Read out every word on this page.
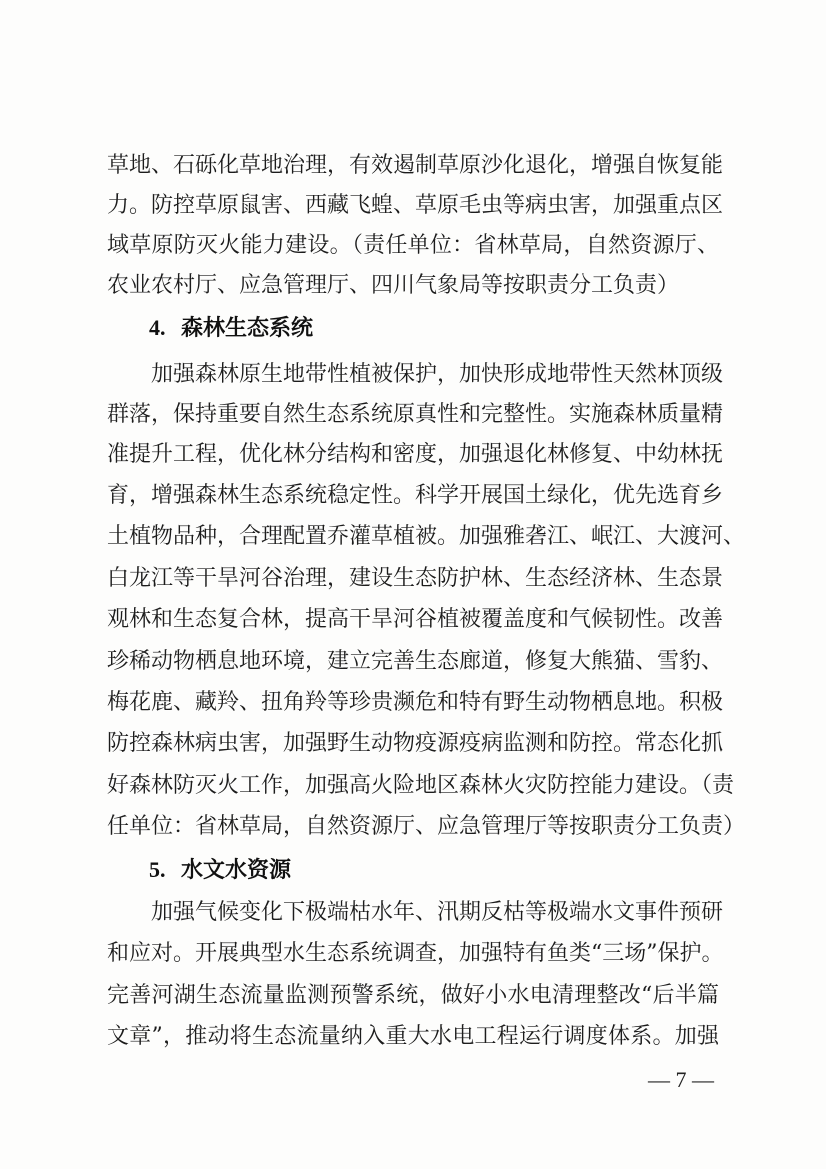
草地、石砾化草地治理，有效遏制草原沙化退化，增强自恢复能
力。防控草原鼠害、西藏飞蝗、草原毛虫等病虫害，加强重点区
域草原防灭火能力建设。（责任单位：省林草局，自然资源厅、
农业农村厅、应急管理厅、四川气象局等按职责分工负责）
4. 森林生态系统
加强森林原生地带性植被保护，加快形成地带性天然林顶级
群落，保持重要自然生态系统原真性和完整性。实施森林质量精
准提升工程，优化林分结构和密度，加强退化林修复、中幼林抚
育，增强森林生态系统稳定性。科学开展国土绿化，优先选育乡
土植物品种，合理配置乔灌草植被。加强雅砻江、岷江、大渡河、
白龙江等干旱河谷治理，建设生态防护林、生态经济林、生态景
观林和生态复合林，提高干旱河谷植被覆盖度和气候韧性。改善
珍稀动物栖息地环境，建立完善生态廊道，修复大熊猫、雪豹、
梅花鹿、藏羚、扭角羚等珍贵濒危和特有野生动物栖息地。积极
防控森林病虫害，加强野生动物疫源疫病监测和防控。常态化抓
好森林防灭火工作，加强高火险地区森林火灾防控能力建设。（责
任单位：省林草局，自然资源厅、应急管理厅等按职责分工负责）
5. 水文水资源
加强气候变化下极端枯水年、汛期反枯等极端水文事件预研
和应对。开展典型水生态系统调查，加强特有鱼类“三场”保护。
完善河湖生态流量监测预警系统，做好小水电清理整改“后半篇
文章”，推动将生态流量纳入重大水电工程运行调度体系。加强
— 7 —
